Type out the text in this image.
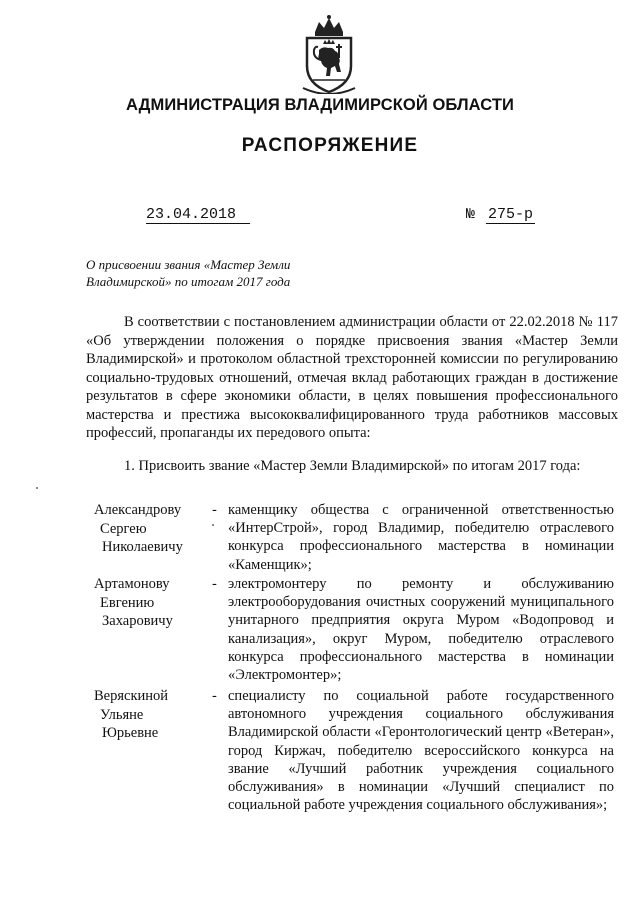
АДМИНИСТРАЦИЯ ВЛАДИМИРСКОЙ ОБЛАСТИ
РАСПОРЯЖЕНИЕ
23.04.2018	№ 275-р
О присвоении звания «Мастер Земли
Владимирской» по итогам 2017 года

В соответствии с постановлением администрации области от 22.02.2018 № 117 «Об утверждении положения о порядке присвоения звания «Мастер Земли Владимирской» и протоколом областной трехсторонней комиссии по регулированию социально-трудовых отношений, отмечая вклад работающих граждан в достижение результатов в сфере экономики области, в целях повышения профессионального мастерства и престижа высококвалифицированного труда работников массовых профессий, пропаганды их передового опыта:

1. Присвоить звание «Мастер Земли Владимирской» по итогам 2017 года:
Александрову
Сергею
Николаевичу
- каменщику общества с ограниченной ответственностью «ИнтерСтрой», город Владимир, победителю отраслевого конкурса профессионального мастерства в номинации «Каменщик»;

Артамонову
Евгению
Захаровичу
- электромонтеру по ремонту и обслуживанию электрооборудования очистных сооружений муниципального унитарного предприятия округа Муром «Водопровод и канализация», округ Муром, победителю отраслевого конкурса профессионального мастерства в номинации «Электромонтер»;

Веряскиной
Ульяне
Юрьевне
- специалисту по социальной работе государственного автономного учреждения социального обслуживания Владимирской области «Геронтологический центр «Ветеран», город Киржач, победителю всероссийского конкурса на звание «Лучший работник учреждения социального обслуживания» в номинации «Лучший специалист по социальной работе учреждения социального обслуживания»;
